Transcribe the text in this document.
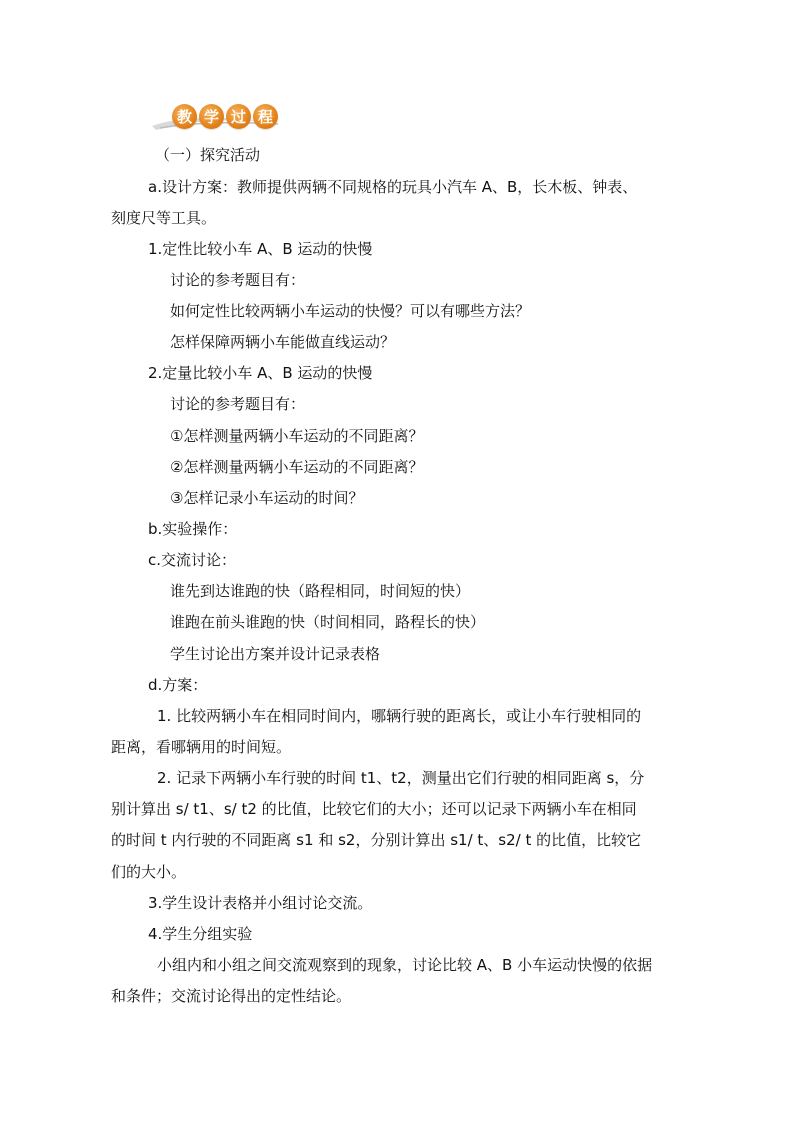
教 学 过 程
（一）探究活动
a.设计方案：教师提供两辆不同规格的玩具小汽车 A、B，长木板、钟表、
刻度尺等工具。
1.定性比较小车 A、B 运动的快慢
讨论的参考题目有：
如何定性比较两辆小车运动的快慢？可以有哪些方法？
怎样保障两辆小车能做直线运动？
2.定量比较小车 A、B 运动的快慢
讨论的参考题目有：
①怎样测量两辆小车运动的不同距离？
②怎样测量两辆小车运动的不同距离？
③怎样记录小车运动的时间？
b.实验操作：
c.交流讨论：
谁先到达谁跑的快（路程相同，时间短的快）
谁跑在前头谁跑的快（时间相同，路程长的快）
学生讨论出方案并设计记录表格
d.方案：
1. 比较两辆小车在相同时间内，哪辆行驶的距离长，或让小车行驶相同的
距离，看哪辆用的时间短。
2. 记录下两辆小车行驶的时间 t1、t2，测量出它们行驶的相同距离 s，分
别计算出 s/ t1、s/ t2 的比值，比较它们的大小；还可以记录下两辆小车在相同
的时间 t 内行驶的不同距离 s1 和 s2，分别计算出 s1/ t、s2/ t 的比值，比较它
们的大小。
3.学生设计表格并小组讨论交流。
4.学生分组实验
小组内和小组之间交流观察到的现象，讨论比较 A、B 小车运动快慢的依据
和条件；交流讨论得出的定性结论。
